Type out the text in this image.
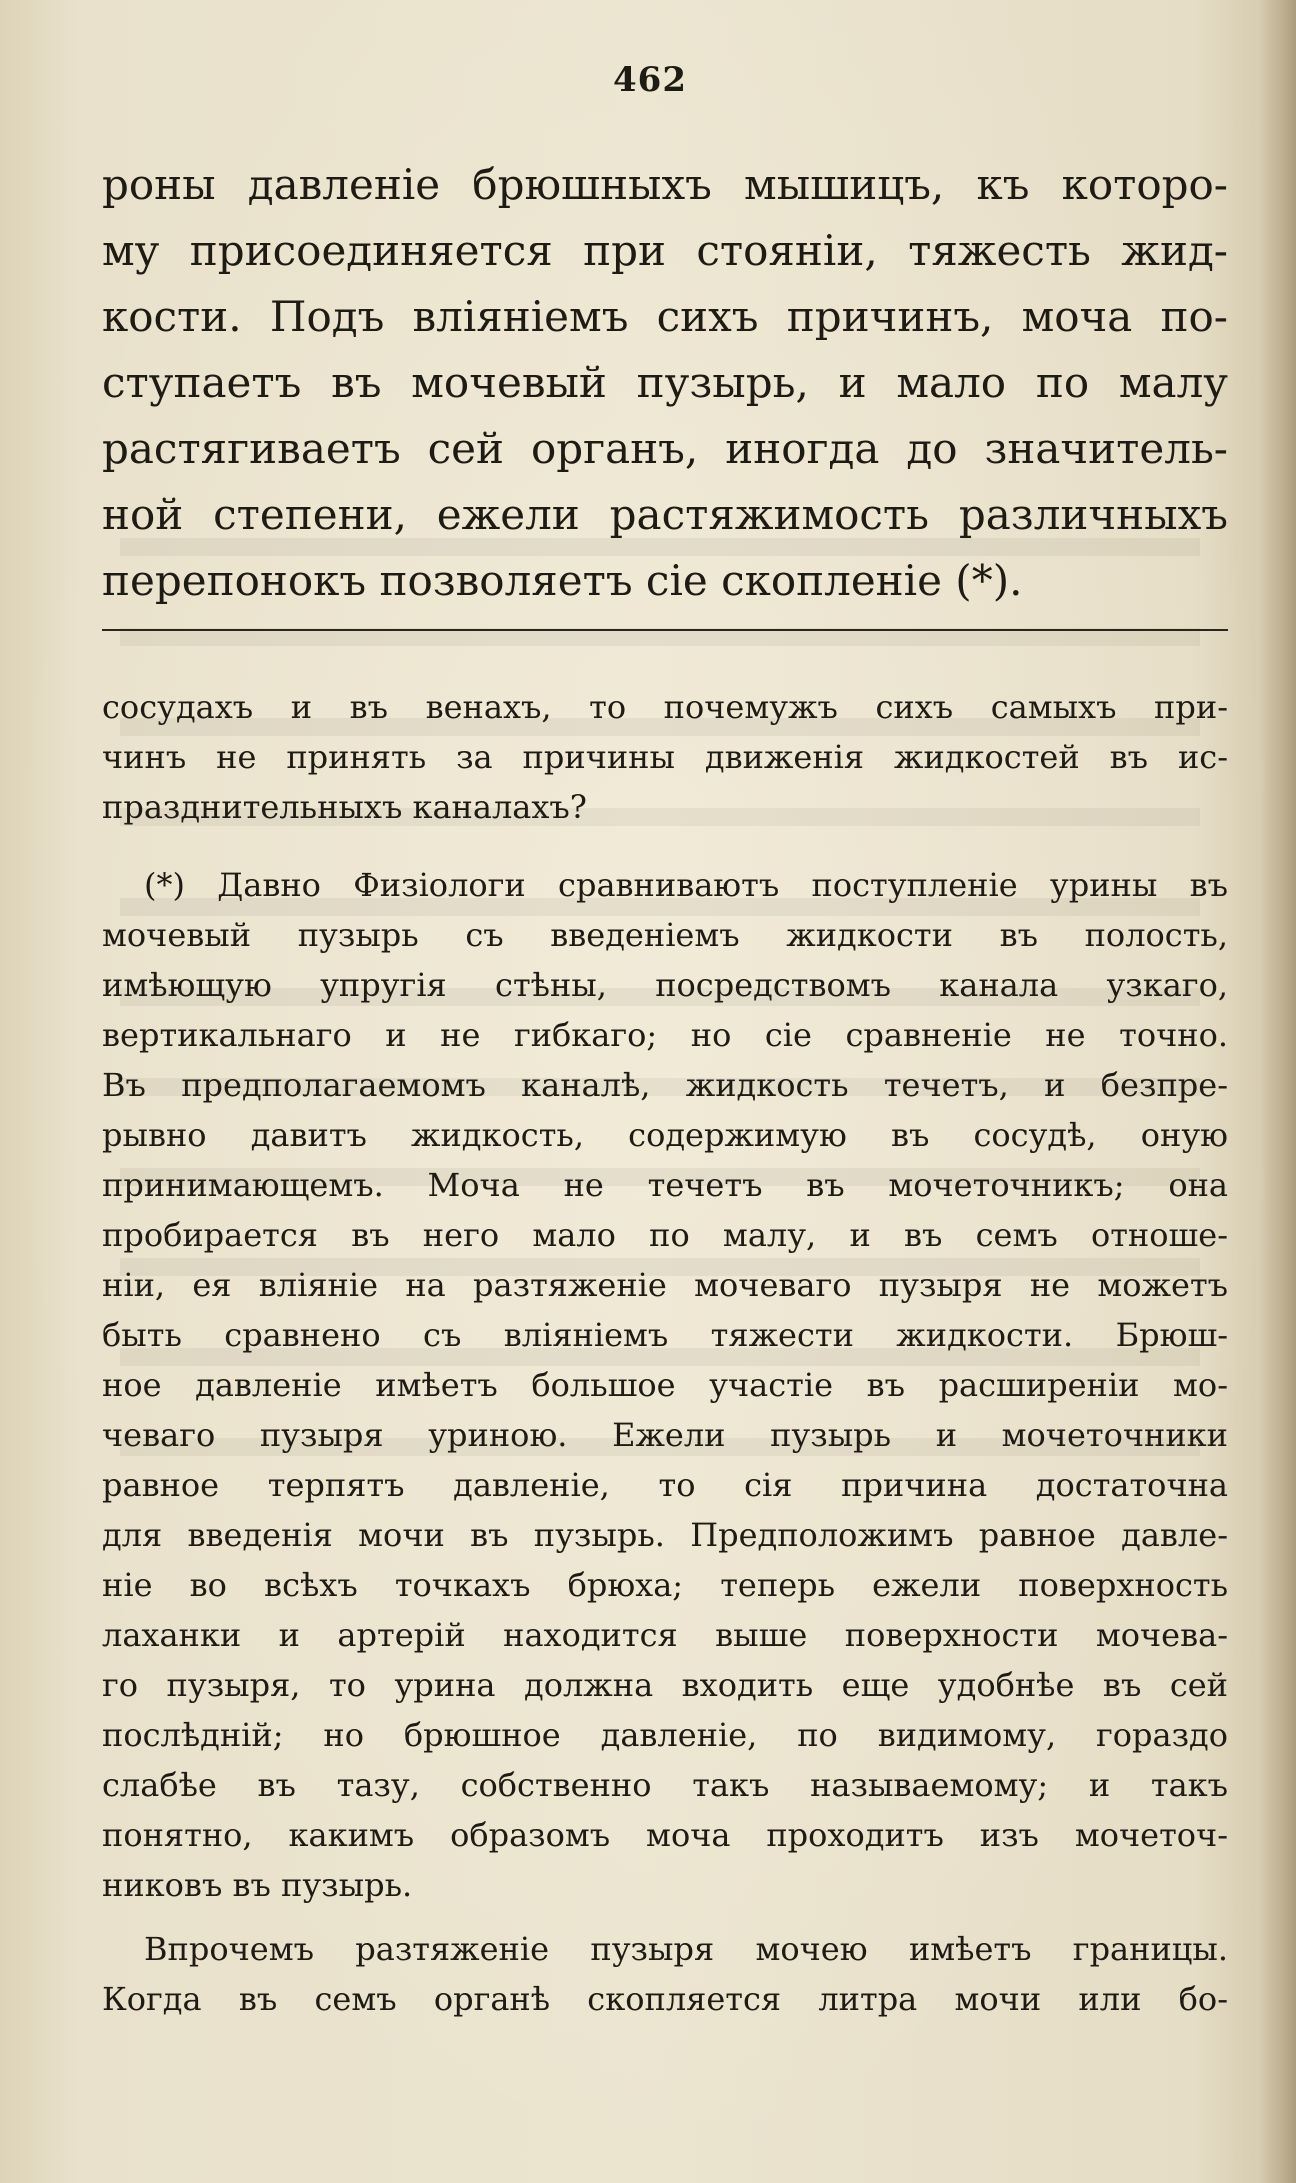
462
роны давленіе брюшныхъ мышицъ, къ которо-
му присоединяется при стояніи, тяжесть жид-
кости. Подъ вліяніемъ сихъ причинъ, моча по-
ступаетъ въ мочевый пузырь, и мало по малу
растягиваетъ сей органъ, иногда до значитель-
ной степени, ежели растяжимость различныхъ
перепонокъ позволяетъ сіе скопленіе (*).
сосудахъ и въ венахъ, то почемужъ сихъ самыхъ при-
чинъ не принять за причины движенія жидкостей въ ис-
празднительныхъ каналахъ?
(*) Давно Физіологи сравниваютъ поступленіе урины въ
мочевый пузырь съ введеніемъ жидкости въ полость,
имѣющую упругія стѣны, посредствомъ канала узкаго,
вертикальнаго и не гибкаго; но сіе сравненіе не точно.
Въ предполагаемомъ каналѣ, жидкость течетъ, и безпре-
рывно давитъ жидкость, содержимую въ сосудѣ, оную
принимающемъ. Моча не течетъ въ мочеточникъ; она
пробирается въ него мало по малу, и въ семъ отноше-
ніи, ея вліяніе на разтяженіе мочеваго пузыря не можетъ
быть сравнено съ вліяніемъ тяжести жидкости. Брюш-
ное давленіе имѣетъ большое участіе въ расширеніи мо-
чеваго пузыря уриною. Ежели пузырь и мочеточники
равное терпятъ давленіе, то сія причина достаточна
для введенія мочи въ пузырь. Предположимъ равное давле-
ніе во всѣхъ точкахъ брюха; теперь ежели поверхность
лаханки и артерій находится выше поверхности мочева-
го пузыря, то урина должна входить еще удобнѣе въ сей
послѣдній; но брюшное давленіе, по видимому, гораздо
слабѣе въ тазу, собственно такъ называемому; и такъ
понятно, какимъ образомъ моча проходитъ изъ мочеточ-
никовъ въ пузырь.
Впрочемъ разтяженіе пузыря мочею имѣетъ границы.
Когда въ семъ органѣ скопляется литра мочи или бо-
